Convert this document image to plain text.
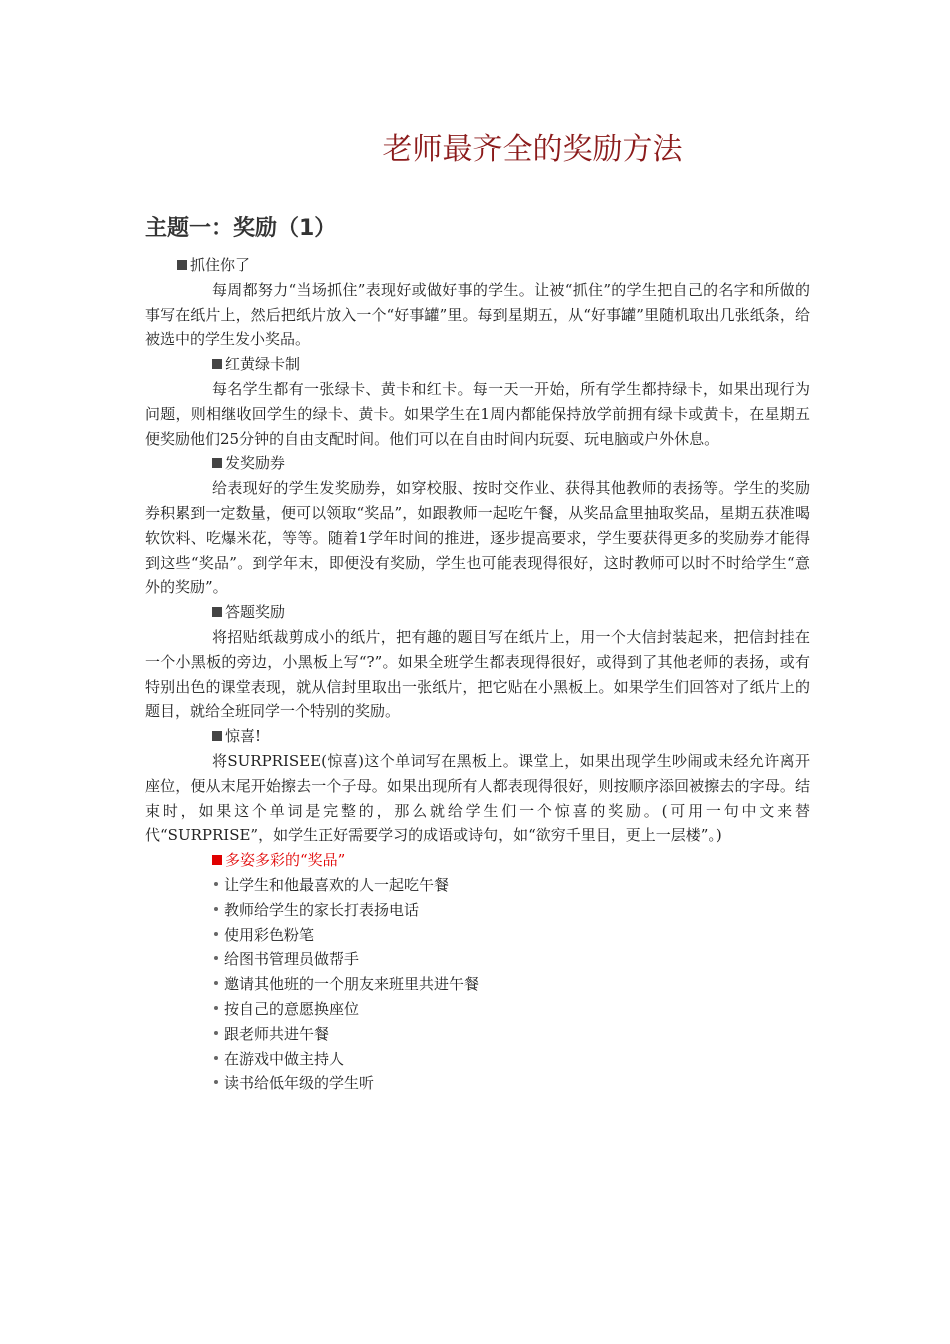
老师最齐全的奖励方法
主题一：奖励（1）

抓住你了

每周都努力“当场抓住”表现好或做好事的学生。让被“抓住”的学生把自己的名字和所做的事写在纸片上，然后把纸片放入一个“好事罐”里。每到星期五，从“好事罐”里随机取出几张纸条，给被选中的学生发小奖品。

红黄绿卡制

每名学生都有一张绿卡、黄卡和红卡。每一天一开始，所有学生都持绿卡，如果出现行为问题，则相继收回学生的绿卡、黄卡。如果学生在1周内都能保持放学前拥有绿卡或黄卡，在星期五便奖励他们25分钟的自由支配时间。他们可以在自由时间内玩耍、玩电脑或户外休息。

发奖励券

给表现好的学生发奖励券，如穿校服、按时交作业、获得其他教师的表扬等。学生的奖励券积累到一定数量，便可以领取“奖品”，如跟教师一起吃午餐，从奖品盒里抽取奖品，星期五获准喝软饮料、吃爆米花，等等。随着1学年时间的推进，逐步提高要求，学生要获得更多的奖励券才能得到这些“奖品”。到学年末，即便没有奖励，学生也可能表现得很好，这时教师可以时不时给学生“意外的奖励”。

答题奖励

将招贴纸裁剪成小的纸片，把有趣的题目写在纸片上，用一个大信封装起来，把信封挂在一个小黑板的旁边，小黑板上写“?”。如果全班学生都表现得很好，或得到了其他老师的表扬，或有特别出色的课堂表现，就从信封里取出一张纸片，把它贴在小黑板上。如果学生们回答对了纸片上的题目，就给全班同学一个特别的奖励。

惊喜!

将SURPRISEE(惊喜)这个单词写在黑板上。课堂上，如果出现学生吵闹或未经允许离开座位，便从末尾开始擦去一个子母。如果出现所有人都表现得很好，则按顺序添回被擦去的字母。结束时，如果这个单词是完整的，那么就给学生们一个惊喜的奖励。(可用一句中文来替代“SURPRISE”，如学生正好需要学习的成语或诗句，如“欲穷千里目，更上一层楼”。)

多姿多彩的“奖品”

让学生和他最喜欢的人一起吃午餐
教师给学生的家长打表扬电话
使用彩色粉笔
给图书管理员做帮手
邀请其他班的一个朋友来班里共进午餐
按自己的意愿换座位
跟老师共进午餐
在游戏中做主持人
读书给低年级的学生听
